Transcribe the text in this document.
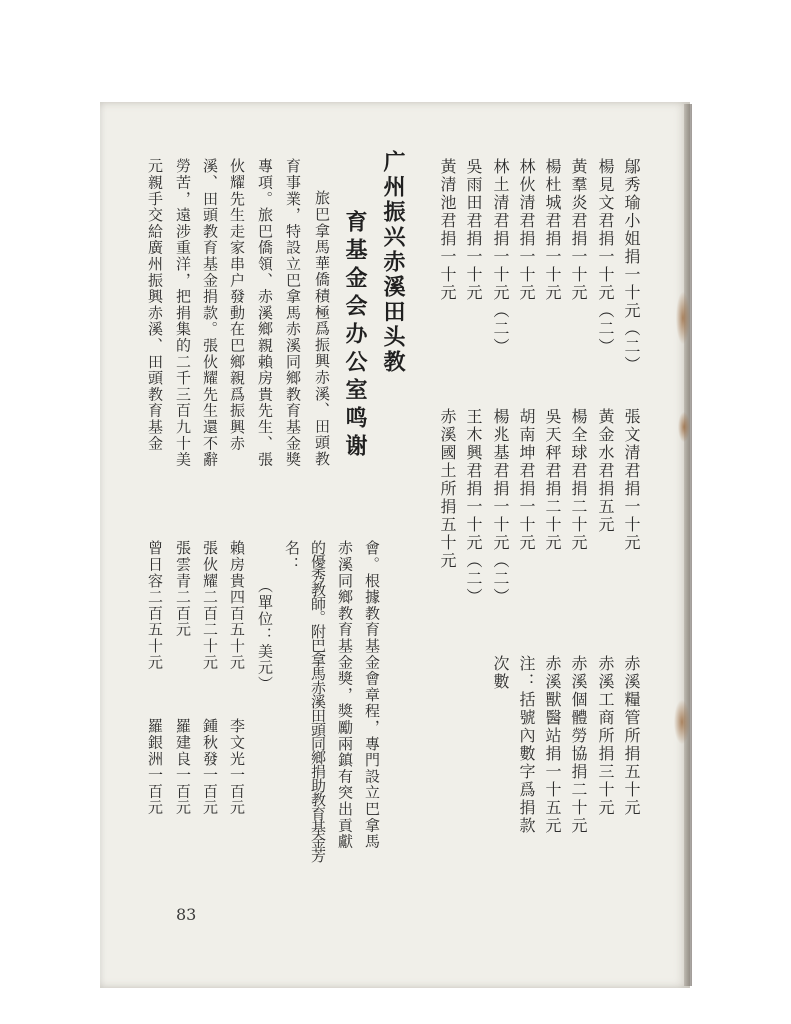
鄔秀瑜小姐捐一十元（二）
楊見文君捐一十元（二）
黃羣炎君捐一十元
楊杜城君捐一十元
林伙清君捐一十元
林土清君捐一十元（二）
吳雨田君捐一十元
黃清池君捐一十元
張文清君捐一十元
赤溪糧管所捐五十元
黃金水君捐五元
赤溪工商所捐三十元
楊全球君捐二十元
赤溪個體勞協捐二十元
吳天秤君捐二十元
赤溪獸醫站捐一十五元
胡南坤君捐一十元
注：括號內數字爲捐款
楊兆基君捐一十元（二）
次數
王木興君捐一十元（二）
赤溪國土所捐五十元
广州振兴赤溪田头教
育基金会办公室鸣谢
旅巴拿馬華僑積極爲振興赤溪、田頭教
育事業，特設立巴拿馬赤溪同鄉教育基金獎
專項。旅巴僑領、赤溪鄉親賴房貴先生、張
伙耀先生走家串户發動在巴鄉親爲振興赤
溪、田頭教育基金捐款。張伙耀先生還不辭
勞苦，遠涉重洋，把捐集的二千三百九十美
元親手交給廣州振興赤溪、田頭教育基金
會。根據教育基金會章程，專門設立巴拿馬
赤溪同鄉教育基金獎，獎勵兩鎮有突出貢獻
的優秀教師。附巴拿馬赤溪田頭同鄉捐助教育基金芳
名：
（單位：美元）
賴房貴四百五十元
李文光一百元
張伙耀二百二十元
鍾秋發一百元
張雲青二百元
羅建良一百元
曾日容二百五十元
羅銀洲一百元
83
